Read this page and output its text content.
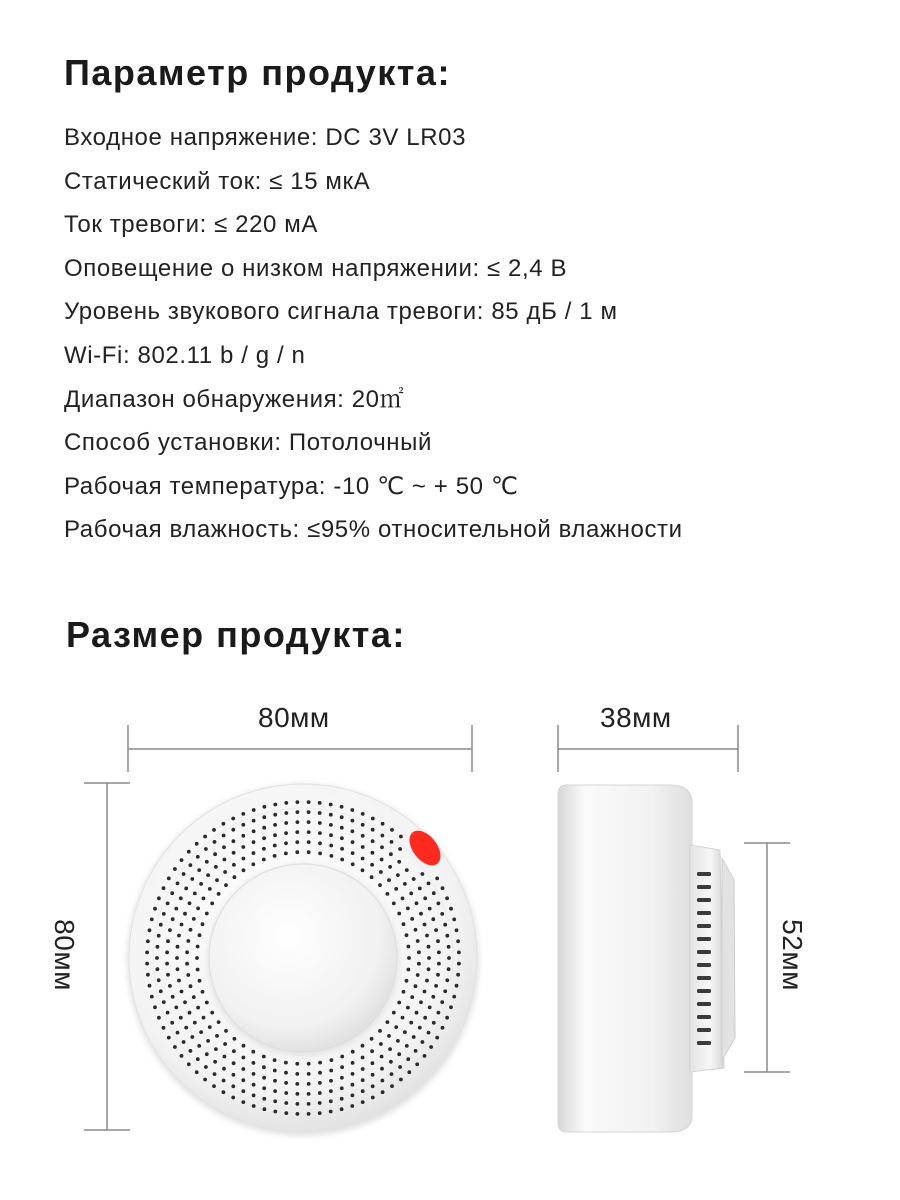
Параметр продукта:
Входное напряжение: DC 3V LR03
Статический ток: ≤ 15 мкА
Ток тревоги: ≤ 220 мА
Оповещение о низком напряжении: ≤ 2,4 В
Уровень звукового сигнала тревоги: 85 дБ / 1 м
Wi-Fi: 802.11 b / g / n
Диапазон обнаружения: 20㎡
Способ установки: Потолочный
Рабочая температура: -10 ℃ ~ + 50 ℃
Рабочая влажность: ≤95% относительной влажности
Размер продукта:
80мм	38мм
80мм	52мм
